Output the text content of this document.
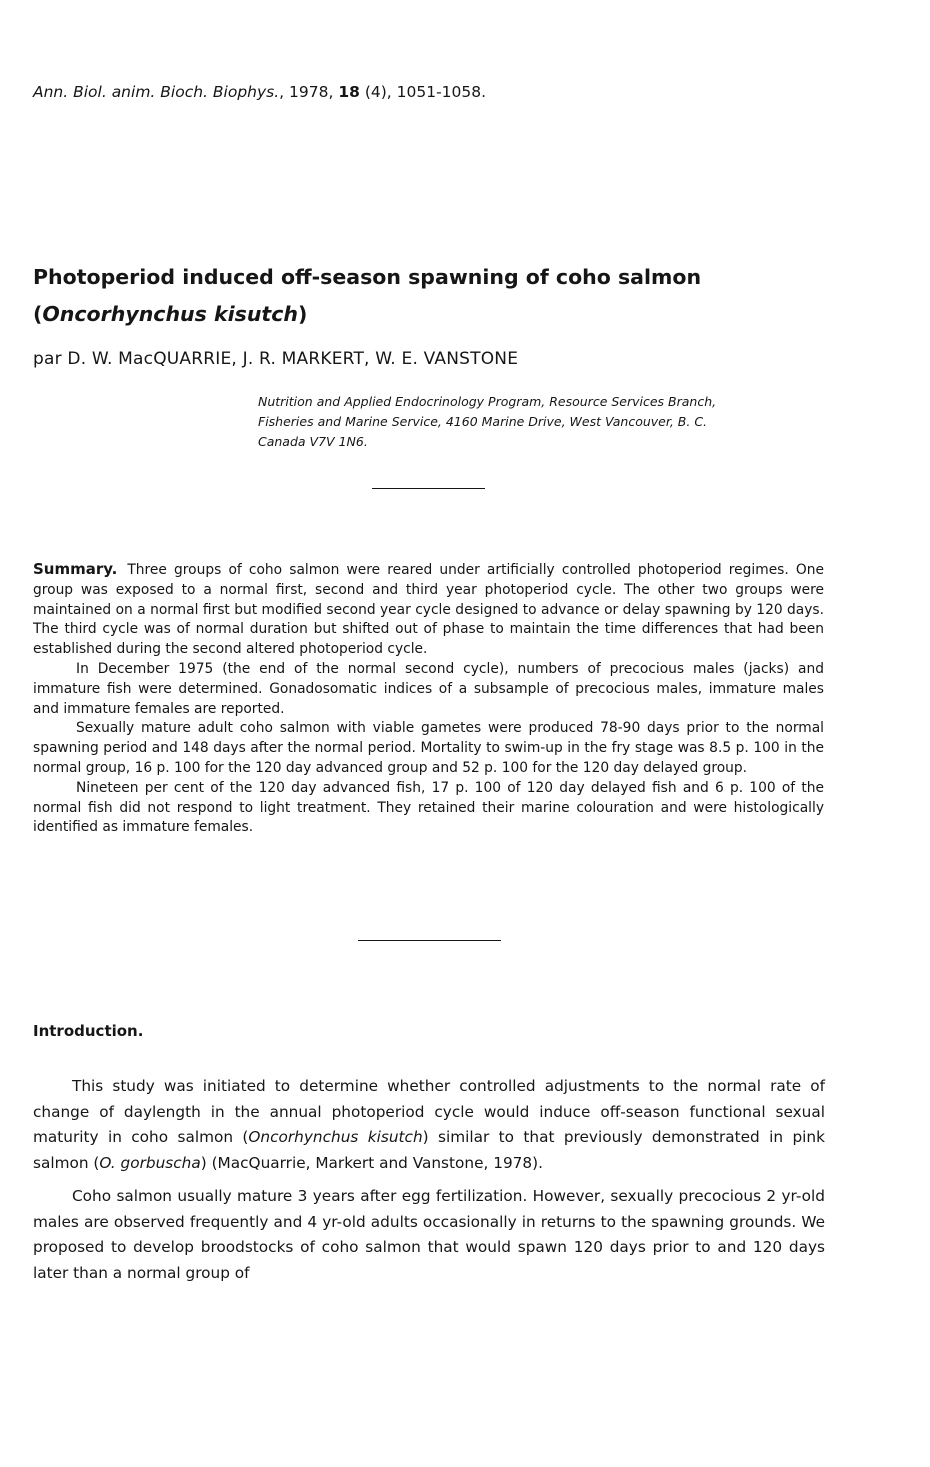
Ann. Biol. anim. Bioch. Biophys., 1978, 18 (4), 1051-1058.
Photoperiod induced off-season spawning of coho salmon
(Oncorhynchus kisutch)
par D. W. MacQUARRIE, J. R. MARKERT, W. E. VANSTONE
Nutrition and Applied Endocrinology Program, Resource Services Branch,
Fisheries and Marine Service, 4160 Marine Drive, West Vancouver, B. C.
Canada V7V 1N6.

Summary. Three groups of coho salmon were reared under artificially controlled photoperiod regimes. One group was exposed to a normal first, second and third year photoperiod cycle. The other two groups were maintained on a normal first but modified second year cycle designed to advance or delay spawning by 120 days. The third cycle was of normal duration but shifted out of phase to maintain the time differences that had been established during the second altered photoperiod cycle.

In December 1975 (the end of the normal second cycle), numbers of precocious males (jacks) and immature fish were determined. Gonadosomatic indices of a subsample of precocious males, immature males and immature females are reported.

Sexually mature adult coho salmon with viable gametes were produced 78-90 days prior to the normal spawning period and 148 days after the normal period. Mortality to swim-up in the fry stage was 8.5 p. 100 in the normal group, 16 p. 100 for the 120 day advanced group and 52 p. 100 for the 120 day delayed group.

Nineteen per cent of the 120 day advanced fish, 17 p. 100 of 120 day delayed fish and 6 p. 100 of the normal fish did not respond to light treatment. They retained their marine colouration and were histologically identified as immature females.

Introduction.

This study was initiated to determine whether controlled adjustments to the normal rate of change of daylength in the annual photoperiod cycle would induce off-season functional sexual maturity in coho salmon (Oncorhynchus kisutch) similar to that previously demonstrated in pink salmon (O. gorbuscha) (MacQuarrie, Markert and Vanstone, 1978).

Coho salmon usually mature 3 years after egg fertilization. However, sexually precocious 2 yr-old males are observed frequently and 4 yr-old adults occasionally in returns to the spawning grounds. We proposed to develop broodstocks of coho salmon that would spawn 120 days prior to and 120 days later than a normal group of
